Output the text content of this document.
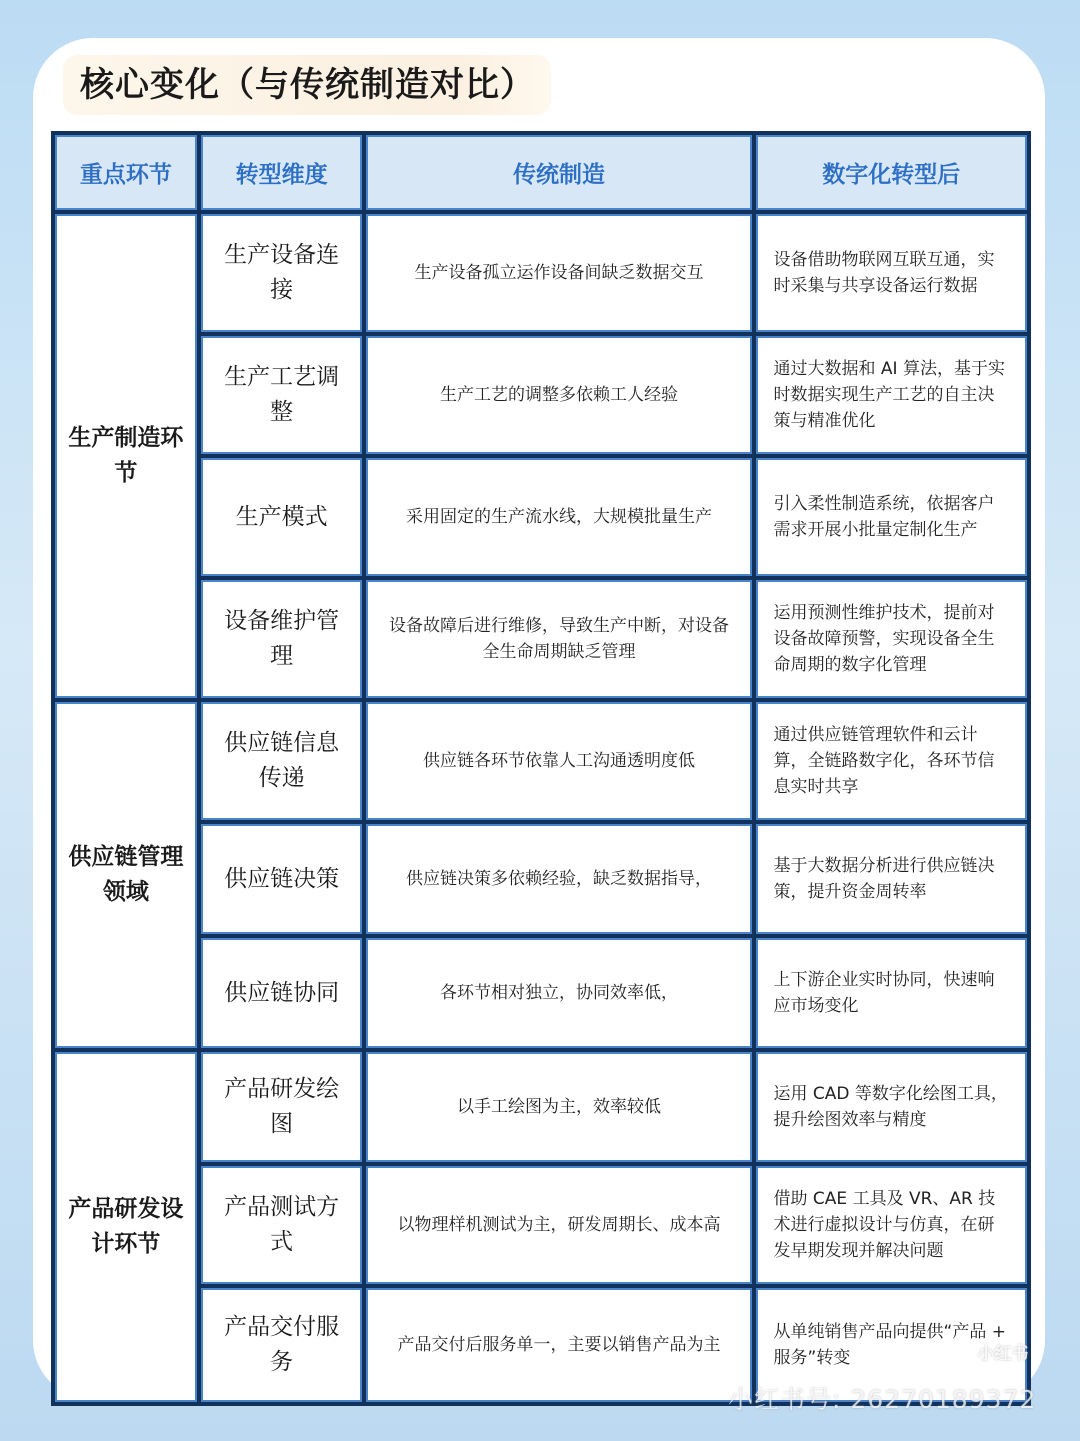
核心变化（与传统制造对比）
重点环节	转型维度	传统制造	数字化转型后
生产制造环节	生产设备连接	生产设备孤立运作设备间缺乏数据交互	设备借助物联网互联互通，实时采集与共享设备运行数据
	生产工艺调整	生产工艺的调整多依赖工人经验	通过大数据和 AI 算法，基于实时数据实现生产工艺的自主决策与精准优化
	生产模式	采用固定的生产流水线，大规模批量生产	引入柔性制造系统，依据客户需求开展小批量定制化生产
	设备维护管理	设备故障后进行维修，导致生产中断，对设备全生命周期缺乏管理	运用预测性维护技术，提前对设备故障预警，实现设备全生命周期的数字化管理
供应链管理领域	供应链信息传递	供应链各环节依靠人工沟通透明度低	通过供应链管理软件和云计算，全链路数字化，各环节信息实时共享
	供应链决策	供应链决策多依赖经验，缺乏数据指导，	基于大数据分析进行供应链决策，提升资金周转率
	供应链协同	各环节相对独立，协同效率低，	上下游企业实时协同，快速响应市场变化
产品研发设计环节	产品研发绘图	以手工绘图为主，效率较低	运用 CAD 等数字化绘图工具，提升绘图效率与精度
	产品测试方式	以物理样机测试为主，研发周期长、成本高	借助 CAE 工具及 VR、AR 技术进行虚拟设计与仿真，在研发早期发现并解决问题
	产品交付服务	产品交付后服务单一，主要以销售产品为主	从单纯销售产品向提供“产品 + 服务”转变	小红书
小红书号: 26270189372
